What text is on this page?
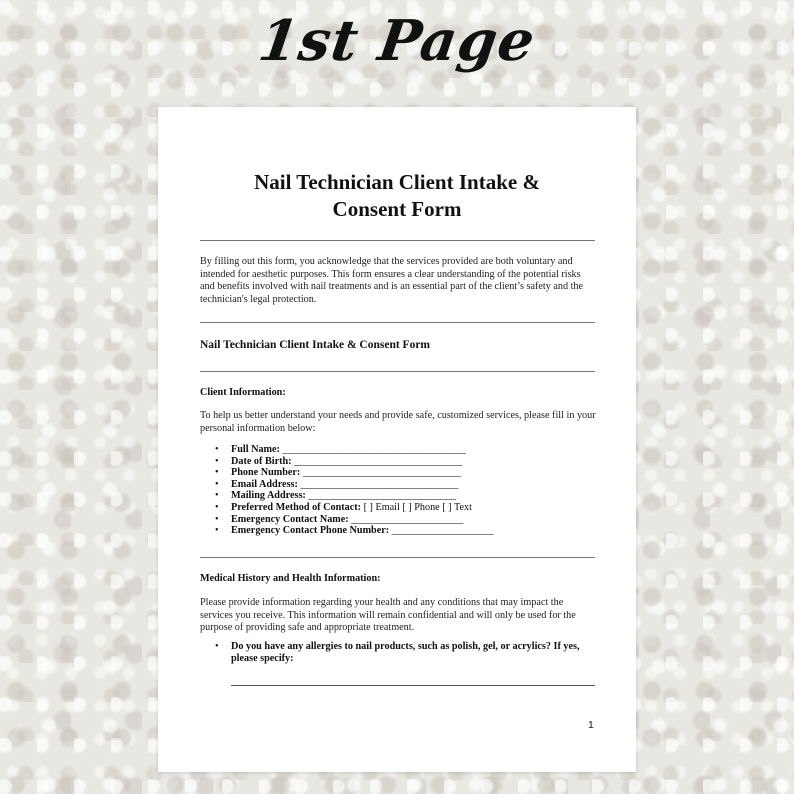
1st Page
Nail Technician Client Intake &
Consent Form
By filling out this form, you acknowledge that the services provided are both voluntary and intended for aesthetic purposes. This form ensures a clear understanding of the potential risks and benefits involved with nail treatments and is an essential part of the client’s safety and the technician's legal protection.
Nail Technician Client Intake & Consent Form
Client Information:
To help us better understand your needs and provide safe, customized services, please fill in your personal information below:
• Full Name: ____________________________________
• Date of Birth: _________________________________
• Phone Number: _______________________________
• Email Address: _______________________________
• Mailing Address: _____________________________
• Preferred Method of Contact: [ ] Email [ ] Phone [ ] Text
• Emergency Contact Name: ______________________
• Emergency Contact Phone Number: ____________________
Medical History and Health Information:
Please provide information regarding your health and any conditions that may impact the services you receive. This information will remain confidential and will only be used for the purpose of providing safe and appropriate treatment.
• Do you have any allergies to nail products, such as polish, gel, or acrylics? If yes, please specify:
1
